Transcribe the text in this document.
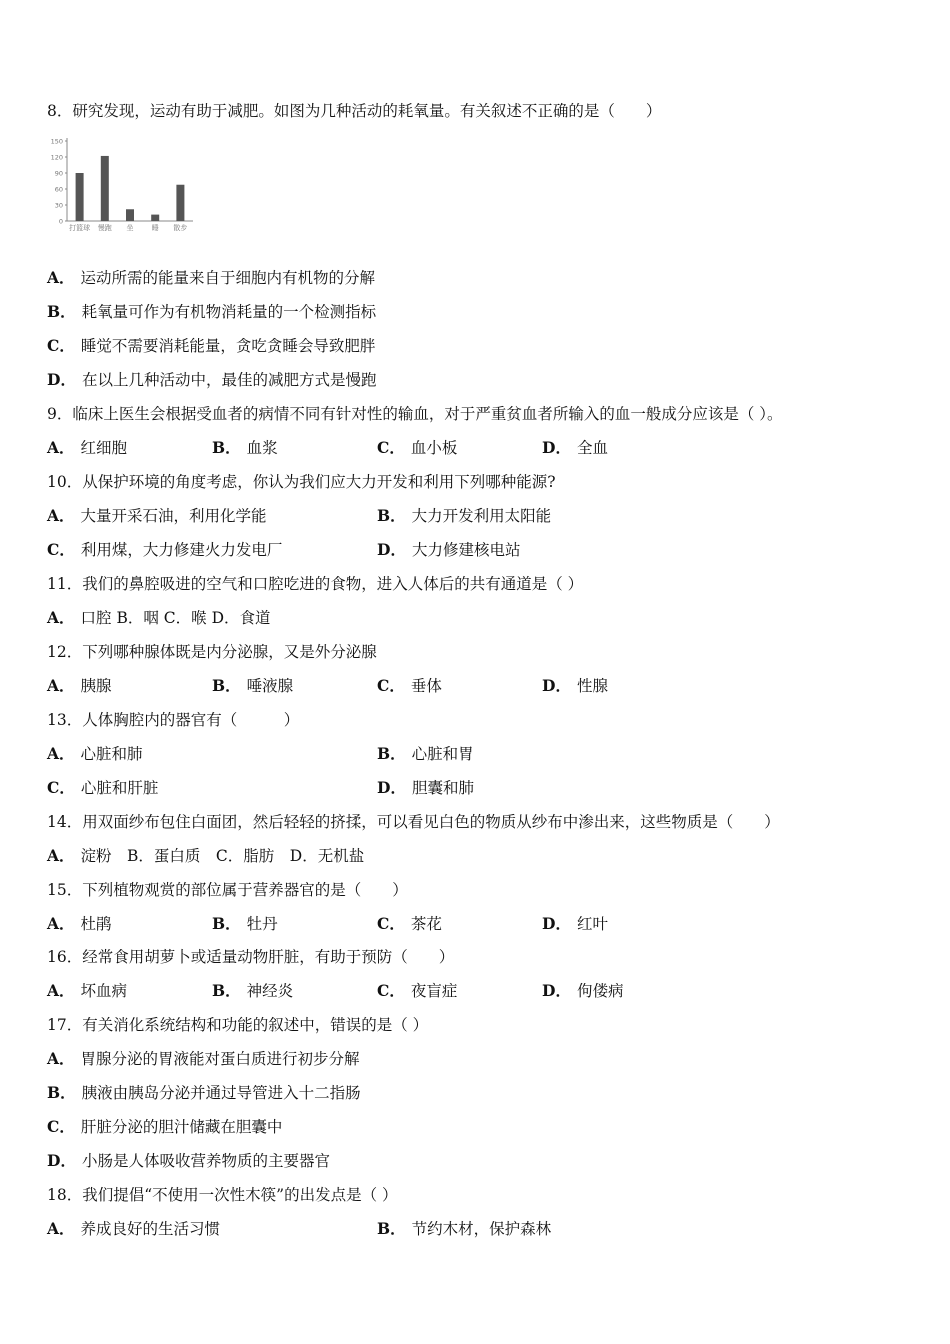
8．研究发现，运动有助于减肥。如图为几种活动的耗氧量。有关叙述不正确的是（　　）
150
120
90
60
30
0
打篮球 慢跑 坐	睡 散步
A． 运动所需的能量来自于细胞内有机物的分解
B． 耗氧量可作为有机物消耗量的一个检测指标
C． 睡觉不需要消耗能量，贪吃贪睡会导致肥胖
D． 在以上几种活动中，最佳的减肥方式是慢跑
9．临床上医生会根据受血者的病情不同有针对性的输血，对于严重贫血者所输入的血一般成分应该是（ ）。
A． 红细胞	B． 血浆	C． 血小板	D． 全血
10．从保护环境的角度考虑，你认为我们应大力开发和利用下列哪种能源?
A． 大量开采石油，利用化学能	B． 大力开发利用太阳能
C． 利用煤，大力修建火力发电厂	D． 大力修建核电站
11．我们的鼻腔吸进的空气和口腔吃进的食物，进入人体后的共有通道是（ ）
A． 口腔 B．咽 C．喉 D．食道
12．下列哪种腺体既是内分泌腺，又是外分泌腺
A． 胰腺	B． 唾液腺	C． 垂体	D． 性腺
13．人体胸腔内的器官有（　　　）
A． 心脏和肺	B． 心脏和胃
C． 心脏和肝脏	D． 胆囊和肺
14．用双面纱布包住白面团，然后轻轻的挤揉，可以看见白色的物质从纱布中渗出来，这些物质是（　　）
A． 淀粉　B．蛋白质　C．脂肪　D．无机盐
15．下列植物观赏的部位属于营养器官的是（　　）
A． 杜鹃	B． 牡丹	C． 茶花	D． 红叶
16．经常食用胡萝卜或适量动物肝脏，有助于预防（　　）
A． 坏血病	B． 神经炎	C． 夜盲症	D． 佝偻病
17．有关消化系统结构和功能的叙述中，错误的是（ ）
A． 胃腺分泌的胃液能对蛋白质进行初步分解
B． 胰液由胰岛分泌并通过导管进入十二指肠
C． 肝脏分泌的胆汁储藏在胆囊中
D． 小肠是人体吸收营养物质的主要器官
18．我们提倡“不使用一次性木筷”的出发点是（ ）
A． 养成良好的生活习惯	B． 节约木材，保护森林
